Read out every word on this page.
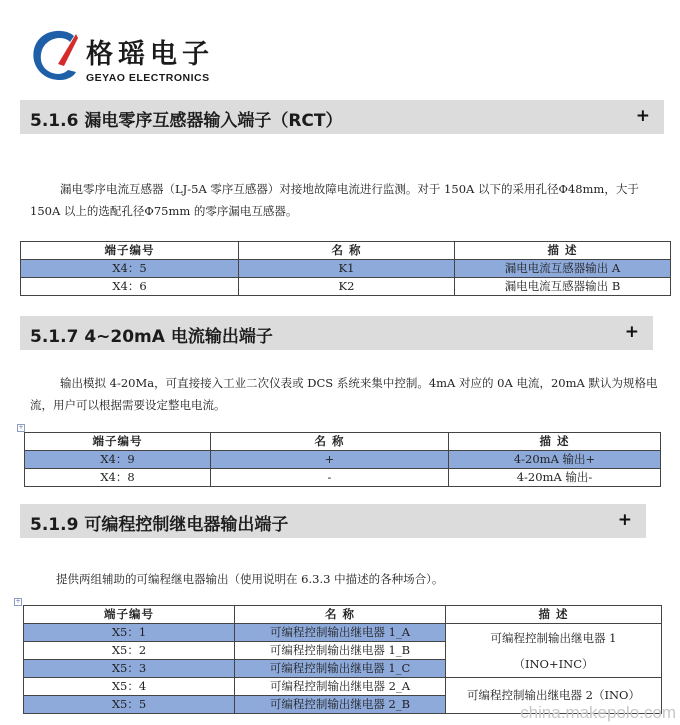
格瑶电子
GEYAO ELECTRONICS
5.1.6 漏电零序互感器输入端子（RCT）	+
漏电零序电流互感器（LJ-5A 零序互感器）对接地故障电流进行监测。对于 150A 以下的采用孔径Φ48mm，大于 150A 以上的选配孔径Φ75mm 的零序漏电互感器。
端子编号	名 称	描 述
X4：5	K1	漏电电流互感器输出 A
X4：6	K2	漏电电流互感器输出 B
5.1.7 4~20mA 电流输出端子	+
输出模拟 4-20Ma，可直接接入工业二次仪表或 DCS 系统来集中控制。4mA 对应的 0A 电流，20mA 默认为规格电流，用户可以根据需要设定整电电流。
+
端子编号	名 称	描 述
X4：9	+	4-20mA 输出+
X4：8	-	4-20mA 输出-
5.1.9 可编程控制继电器输出端子	+
提供两组辅助的可编程继电器输出（使用说明在 6.3.3 中描述的各种场合）。
+
端子编号	名 称	描 述
X5：1	可编程控制输出继电器 1_A	可编程控制输出继电器 1
（INO+INC）

X5：2	可编程控制输出继电器 1_B	
X5：3	可编程控制输出继电器 1_C	
X5：4	可编程控制输出继电器 2_A	可编程控制输出继电器 2（INO）
X5：5	可编程控制输出继电器 2_B		china.makepolo.com
